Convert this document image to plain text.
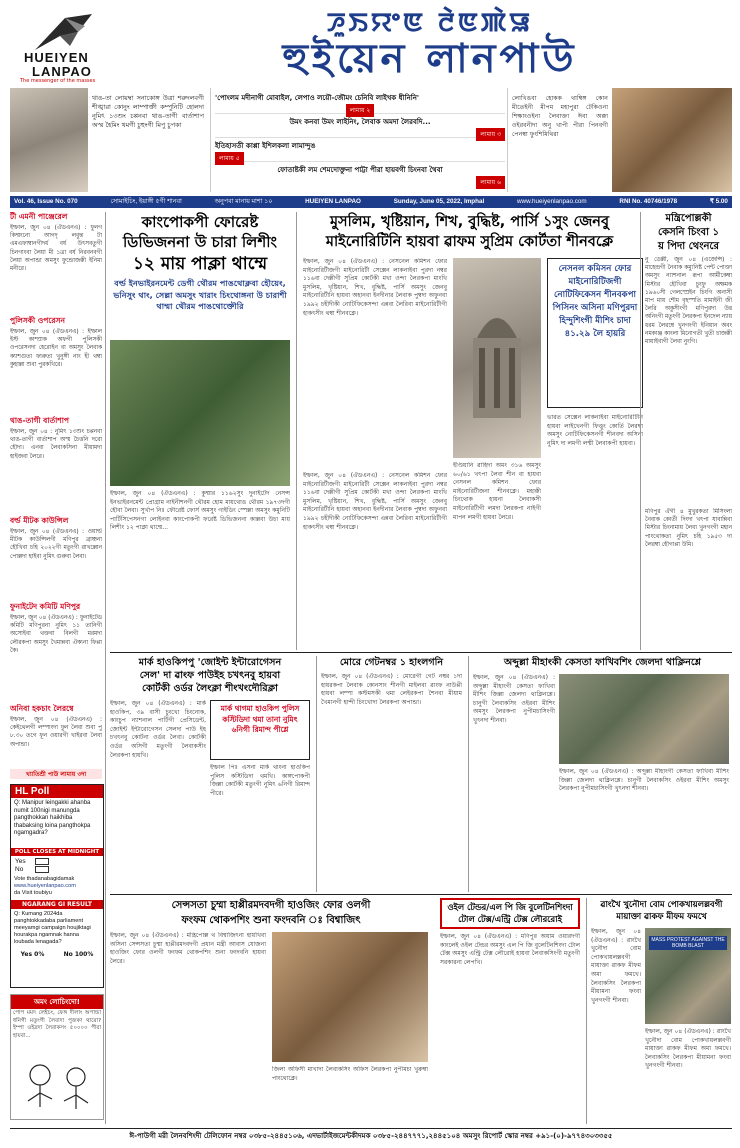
HUEIYEN
LANPAO
The messenger of the masses
ꯍꯨꯏꯌꯦꯟ ꯂꯥꯟꯄꯥꯎ
হুইয়েন লানপাউ
থাঙ-তা লোয়ম্বা সনাকোঙ্গ উত্রা শরুদলবগী শীঙ্খারা কোনুং লাম্পাক্তী কম্পুনিটি হোলদা নুমিৎ ১৩শুং চপ্পনবা থাঙ-তাগী বার্তাশাপ অস্ম হৈমিং থমগী চুহুংগী মিপু চুপকা
'পোংলম মদীনাগী মোবাইল, লেপাও লয়ৌ-জৌমং চেনিবি লাইখক ধীনিনি'
লামায় ২
উমং কনবা উমং লাইনিং, লৈবাক অমদা লৈরবদি...
লামায় ৩
ইতিহাসতী কাপ্পা ইশিলকলা লামান্দুঙ
লামায় ৫
ফোতাষ্টকী লম শেমদোক্তুনা পাট্টা পীরা হায়বগী চিংনবা থৈবা
লামায় ৬
লোখিঙবা হোকক থাম্বিঙ্গ কোন মীতেইনী মীপম মহাপুরা টেকিওনা শিক্ষাংওইনা লৈবাক্তা ঈবা অক্কা ওইরবনীদা অনু খাপী পীরা পিনবগী পেনম্বা ফুংশিমিথিরা
Vol. 46, Issue No. 070	সোমাইচিং, ইয়াঙ্গী ৫গী শানবা	অনুপবা মানায় মাশা ১০	HUEIYEN LANPAO	Sunday, June 05, 2022, Imphal	www.hueiyenlanpao.com	RNI No. 40746/1978	₹ 5.00
টী এমনী পাঞ্জেরেল
ইম্ফাল, জুন ০৪ (ঐডএনএ) : ফুনগ কিম্মংনো আগদৃ লবুন্ত টা এমএফাম্বানগীদর্ধ বর্ষ উৎসবতুগী চিনগাংবা লৈয়া মী ১ত্রা বর্ষ নিরবনবগী লৈয়া অপান্ডা অমসুং ফুন্ডোজক্কী ইনিমা মনীরে।
পুলিসকী ওপরেসন
ইম্ফাল, জুন ০৪ (ঐডএনএ) : ইম্ফাল ইস্ট কাম্প্রাক অফগী পুলিসকী ওপরেসনদা হেরোইন বা অমসুং লৈবাক ক্যাশগুতা ফারুতা খুনুঙ্গী নাং হী থম্বা কুহাল্লা শুবা পুরকখিরে।
থাঙ-তাগী বার্তাশাপ
ইম্ফাল, জুন ০৪ : নুমিৎ ১৩শুং চপ্পনবা থাঙ-তাগী বার্তাশাপ অস্ম চৈত্তনি দরো হৌদা। এনবা লৈবাকসিনা মীয়ামদা হাইজবা লৈরে।
বর্ল্ড মীটক কাউন্সিল
ইম্ফাল, জুন ০৪ (ঐডএনএ) : ওয়ার্ল্ড মীটক কাউন্সিলগী মণিপুর ব্রাঞ্চনা হৌখিবা চহি ২০২২গী মতুংগী ৱাখল্লোন পোল্লদা হাইবা নুমিৎ গুরুবা লৈবা।
ফুনাইটেদ কমিটি মণিপুর
ইম্ফাল, জুন ০৪ (ঐডএনএ) : ফুনাইটেড কমিটি মণিপুরনা নুমিৎ ১১ তানিগী অসোইবা থক্তবা বিলগী মরমদা লৌরকপা অমসুং খৈমান্নবা ঐক্যনা ফিপ্পা কৈ।
অনিবা হকচাং লৈরম্বে
ইম্ফাল, জুন ০৪ (ঐডএনএ) : কেইথেলগী লম্পাংদা ফুন লৈবা শুবা পু ৮.৩০ তগে ফূন ওয়ারগী খাইরবা লৈবা অপান্ডা।
খ্যাতিশ্রী পাউ লামায় ৩দা
HL Poll
Q: Manipur leingakki ahanba numit 100nigi manungda pangthokkan haikhiba thabaksing loina pangthokpa ngamgadra?
POLL CLOSES AT MIDNIGHT
Yes
No
Vote thadanabagidamak
www.hueiyenlanpao.com
da Visit toubiyu
NGARANG GI RESULT
Q: Kumang 2024da panghtokkadaba parliament meeyamgi campaign houjiktagi hourakpa ngamnak hanna loubada lenagada?
Yes 0%	No 100%
অমং লোচিংদো!
পোপ মমদ লেইচং, ফেঙ্গ দীলাং অপান্ডা ধনিগী মতুংগী লৈবাদা পুজকা থারো? ইম্পা ওইদ্রদা লৈরাকসং ৫০০০০ পীরা হায়বা...
কাংপোকপী ফোরেষ্ট
ডিভিজননা উ চারা লিশীং
১২ মায় পাক্লা থাম্মে
বর্ল্ড ইনভাইরনমেন্ট ডেগী থৌরম পাঙথোক্লবা হৌয়েং, ভনিসুং থাং, সেল্লা অমসুং খারাং চিংথোঙ্গনা উ চারাশী থাম্মা থৌরম পাঙথোক্তৌরি
ইম্ফাল, জুন ০৪ (ঐডএনএ) : কুম্মার ১১৬২সুং দুনাইটেদ নেসন্স ইনভাইরনমেন্ট প্রোগ্রাম নাইনীশনগী থৌরম হোম মায়থোঙ থৌরম ১৯৭৩দগী হৌবা লৈবা। সুর্খাপ নিঃ ফৌরেষ্ট ফোর্স অমসুং গাইডিং স্পেল্লা অমসুং কমুনিটি পার্টিসিপেসনগা লোইনবা কাংপোকপী ফরেষ্ট ডিভিজননা কাল্লবা উচা মায় লিশীং ১২ পাক্লা থাম্মে...
মুসলিম, খৃষ্টিয়ান, শিখ, বুদ্ধিষ্ট, পার্সি ১সুং জেনবু
মাইনোরিটিনি হায়বা ৱাফম সুপ্রিম কোর্টতা শীনবক্লে
ইম্ফাল, জুন ০৪ (ঐডএনএ) : নেসনেল কমিশন ফোর মাইনোরিটীজগী মাইনোরিটী সেক্সেন লাকনাইবা পুরদা নম্বর ১১৬বা দেল্লীগী সুপ্রিম কোর্টকী মখা ওন্দা লৈরকপা মাংখি মুসলিম, খৃষ্টিয়ান, শিখ, বুদ্ধিষ্ট, পার্সি অমসুং জেনবু মাইনোরিটীনি হায়বা অহানবা ইনদীনার লৈবাক পুম্বদা অফুনবা ১৯৯২ চহীদীকী নোটিফিকেসন্দা এন্নবা লৈরিবা মাইনোরিটীগী হাকৎসীং থম্বা শীনবক্লে।
নেসনল কমিসন ফোর মাইনোরিটিজগী নোটিফিকেসন শীনবকপা পিসিনং অসিনা মণিপুরদা হিন্দুশিংগী মীশিং চাদা ৪১.২৯ লৈ হায়রি
ইণ্ডিয়ানি ৱাহিদা অমং ৩১৬ অমসুং ৬০/৬১ খৎপা লৈবা শীন বা হায়বা নেসনল কমিশন ফোর মাইনোরিটীজনা শীনবক্লে। মহাক্কী চিংথোক হায়না লৈবাকসী মাইনোরিটীগী লমদা লৈরকপা নাইগী মাপন লমগী হায়বা লৈরে।
ভারত সেক্সেন লাকনাইবা মাইনোরিটিনি হায়বা লাইখেনগী ফিত্তুং কোর্তি লৈরম্বা অমসুং নোটিফিকেসনগী শীনবদা অসিনা নুমিৎ দা লমগী লম্মী লৈবাকপী হায়বা।
ইম্ফাল, জুন ০৪ (ঐডএনএ) : নেসনেল কমিশন ফোর মাইনোরিটীজগী মাইনোরিটী সেক্সেন লাকনাইবা পুরদা নম্বর ১১৬বা দেল্লীগী সুপ্রিম কোর্টকী মখা ওন্দা লৈরকপা মাংখি মুসলিম, খৃষ্টিয়ান, শিখ, বুদ্ধিষ্ট, পার্সি অমসুং জেনবু মাইনোরিটীনি হায়বা অহানবা ইনদীনার লৈবাক পুম্বদা অফুনবা ১৯৯২ চহীদীকী নোটিফিকেসন্দা এন্নবা লৈরিবা মাইনোরিটীগী হাকৎসীং থম্বা শীনবক্লে।
মন্ত্রিপোল্লকী
কেসনি চিংবা ১
য় পিদা থেংনরে
নু ডেল্লী, জুন ০৪ (এজেন্সি) : মাহেন্দ্রগী নৈবাক কম্যুনিষ্ট পেন্ট পোক্তা অমসুং ন্যাশনাল রূপা আর্মীকেম্বা মিস্টার হৌখিবা চুংফু অক্ষমক ১৯৬০সী গেলস্প্রেইন চিংগি অন্যসী মাপ মায় শৌম বৃহস্পতি মামাইনী জী লৈরি অকুসীংগী মণিপুরদা উগ্ব অনিংগী মতুংগী লৈরকপা ইনদেল ন্যায় ধরম লৈরম্বে খুনগংগী ইনিয়ান অবং নমকাঞ্জ কাংলা মিনোগতী খুতী চাজক্কী মায়াইবাগী লৈবা নুংগি।
মণিপুর ঐগী ৪ মুখুরকতা মিসিংলা নৈবাক কোর্তী দিংদা খৎপা যাবান্নিবা মিস্টার চিংনামায় লৈবা খুনগংগী মহান পাংথোকতা নুমিৎ চহি ১৯৫৩ দা লৈরম্বা হৌগাপ্পা উমি।
মার্ক হাওকিপপু 'জোইন্ট ইন্টারোগেসন
সেল' দা ৱাংফ পাউইহ চখৎনবু হায়বা
কোর্টকী ওর্ডর লৈংক্লা শীংখংদৌরিক্লা
ইম্ফাল, জুন ০৪ (ঐডএনএ) : মার্ক হাওকিপ, ৩৯ বাসী চুংখো চিংনোক, কাংচুপ ন্যাশনাল পার্টিগী প্রেসিডেন্ট, জোইন্ট ইন্টারোগেসন সেলদা পাউ ইহ চখৎনবু কোর্টনা ওর্ডর লৈবা। কোর্টকী ওর্ডর অসিগী মতুংগী লৈবাকসীং লৈরকপা হায়খি।
মার্ক থাগমা হাওকিপ পুলিস কস্টিডিদা থমা তানা নুমিৎ ৬নিগী রিমান্দ পীশ্লে
ইম্ফাল পিঃ এসনা মার্ক থাংনা হাওকিপ পুলিস কস্টিডিদা থমখি। কাঙ্গপোকপী জিল্লা কোর্টকী মতুংগী নুমিৎ ৬নিগী রিমান্দ পীরে।
মোরে গেটনম্বর ১ হাংলগনি
ইম্ফাল, জুন ০৪ (ঐডএনএ) : মোরেগী গেট নম্বর ১দা হায়রকপা লৈবাক কোনসাং শীনগী মাইলবা ৱাংফ নাউপ্পী হায়বা লম্পা কস্টমসকী থমা লেইরকপা শৈনবা মীয়াম খৈমানগী হান্দী চিংখোদা লৈরকপা অপান্ডা।
অব্দুল্লা মীহাংকী কেসতা ফাখিবশিং জেলদা থাক্লিনশ্লে
ইম্ফাল, জুন ০৪ (ঐডএনএ) : অব্দুল্লা মীহাংগী কেসতা ফাখিবা মীশিং জিল্লা জেলদা থাক্লিনশ্লে। চানুগী লৈবাকসিং ওইরবা মীশিং অমসুং লৈরকপা নুপীমচাসিংগী খুৎনদা শীনবা।
ইম্ফাল, জুন ০৪ (ঐডএনএ) : অব্দুল্লা মীহাংগী কেসতা ফাখিবা মীশিং জিল্লা জেলদা থাক্লিনশ্লে। চানুগী লৈবাকসিং ওইরবা মীশিং অমসুং লৈরকপা নুপীমচাসিংগী খুৎনদা শীনবা।
সেন্সসতা চুম্মা হাপ্পীরমদবদগী হাওজিং ফোর ওলগী
ফংফম থোকপশিং শুনা ফংদবনি ঃ বিশ্বাজিৎ
ইম্ফাল, জুন ০৪ (ঐডএনএ) : মন্ত্রিপোল্ল থ বিশ্বাজিৎনা হায়খিবা অসিনা সেন্সসতা চুম্মা হাপ্পীরমদবদগী প্রধান মন্ত্রী আবাস যোজনা হাওজিং ফোর ওলগী ফংফম থোকপশিং শুনা ফংদবনি হায়বা লৈরে।
জিলা অফিসী মাখাদা লৈবাকসিং অফিস লৈরকপা নুপীমচা খুরুম্বা পাংথোক্লে।
ওইল টেন্ডর/এল পি জি বুলেটিনশিংদা টোল টেক্স/এন্ট্রি টেক্স লৌররোই
ইম্ফাল, জুন ০৪ (ঐডএনএ) : মণিপুর অয়াম ওয়ারদগী কাংলেই ওইল টেন্ডর অমসুং এল পি জি বুলেটিনশিংদা টোল টেক্স অমসুং এন্ট্রি টেক্স লৌরোই হায়বা লৈবাকসিংগী মতুংগী সরকারনা লেপখি।
ৱাংখৈ খুনৌদা বোম পোকখায়লল্লবগী
মায়াক্তা ৱাকফ মীফম ফমখে
ইম্ফাল, জুন ০৪ (ঐডএনএ) : ৱাংখৈ খুনৌদা বোম পোকখায়লল্লবগী মায়াক্তা ৱাকফ মীফম অমা ফমখে। লৈবাকসিং লৈরকপা মীয়ামনা ফংবা খুনগংগী শীনবা।
MASS PROTEST AGAINST THE BOMB BLAST
ইম্ফাল, জুন ০৪ (ঐডএনএ) : ৱাংখৈ খুনৌদা বোম পোকখায়লল্লবগী মায়াক্তা ৱাকফ মীফম অমা ফমখে। লৈবাকসিং লৈরকপা মীয়ামনা ফংবা খুনগংগী শীনবা।
ঈ-পাউগী মরী লৈনবশিংদী টেলিফোন নম্বর ০৩৮৫-২৪৪৫১০৬, এদভার্টাইজমেন্টকীদমক ০৩৮৫-২৪৪৭৭৭১,২৪৪৫১০৪ অমসুং রিপোর্ট স্কোর নম্বর +৯১-(০)-৯৭৭৪৩০৩৩৫৫
